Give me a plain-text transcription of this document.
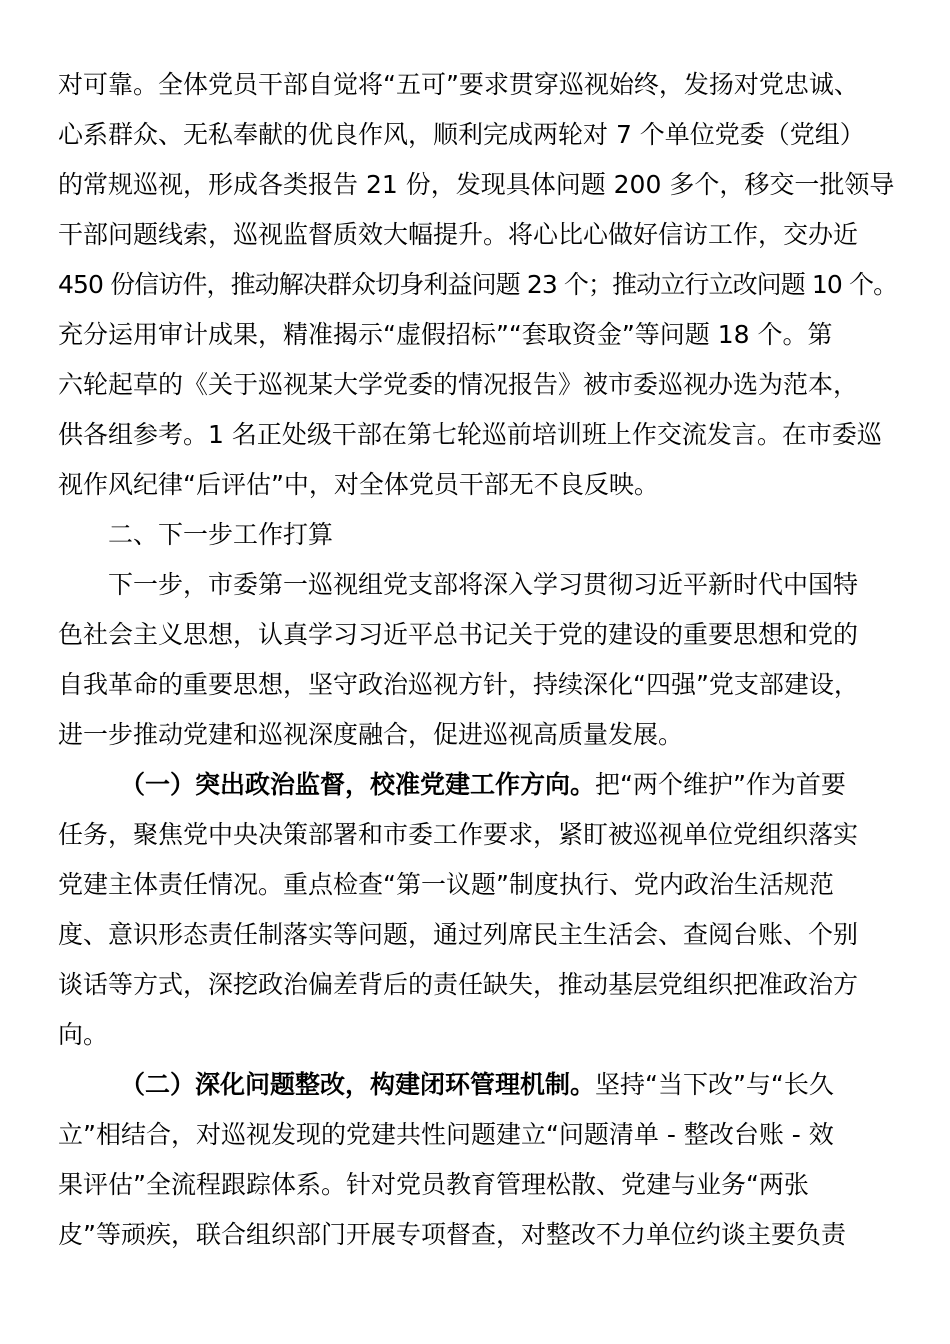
对可靠。全体党员干部自觉将“五可”要求贯穿巡视始终，发扬对党忠诚、
心系群众、无私奉献的优良作风，顺利完成两轮对 7 个单位党委（党组）
的常规巡视，形成各类报告 21 份，发现具体问题 200 多个，移交一批领导
干部问题线索，巡视监督质效大幅提升。将心比心做好信访工作，交办近
450 份信访件，推动解决群众切身利益问题 23 个；推动立行立改问题 10 个。
充分运用审计成果，精准揭示“虚假招标”“套取资金”等问题 18 个。第
六轮起草的《关于巡视某大学党委的情况报告》被市委巡视办选为范本，
供各组参考。1 名正处级干部在第七轮巡前培训班上作交流发言。在市委巡
视作风纪律“后评估”中，对全体党员干部无不良反映。
二、下一步工作打算
下一步，市委第一巡视组党支部将深入学习贯彻习近平新时代中国特
色社会主义思想，认真学习习近平总书记关于党的建设的重要思想和党的
自我革命的重要思想，坚守政治巡视方针，持续深化“四强”党支部建设，
进一步推动党建和巡视深度融合，促进巡视高质量发展。
（一）突出政治监督，校准党建工作方向。把“两个维护”作为首要
任务，聚焦党中央决策部署和市委工作要求，紧盯被巡视单位党组织落实
党建主体责任情况。重点检查“第一议题”制度执行、党内政治生活规范
度、意识形态责任制落实等问题，通过列席民主生活会、查阅台账、个别
谈话等方式，深挖政治偏差背后的责任缺失，推动基层党组织把准政治方
向。
（二）深化问题整改，构建闭环管理机制。坚持“当下改”与“长久
立”相结合，对巡视发现的党建共性问题建立“问题清单 - 整改台账 - 效
果评估”全流程跟踪体系。针对党员教育管理松散、党建与业务“两张
皮”等顽疾，联合组织部门开展专项督查，对整改不力单位约谈主要负责
